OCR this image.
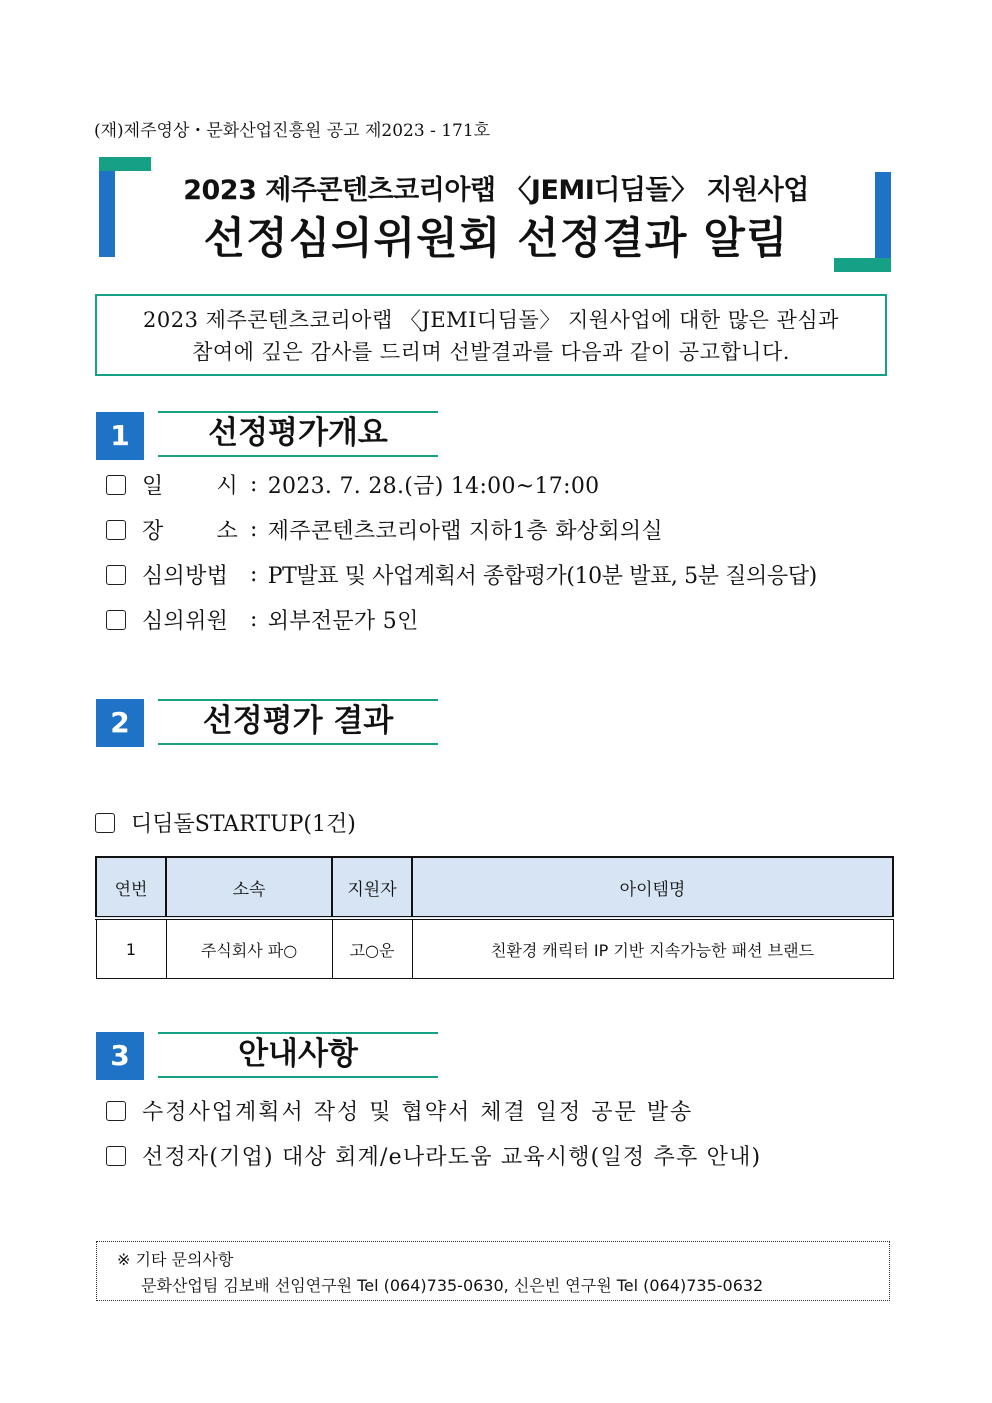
(재)제주영상・문화산업진흥원 공고 제2023 - 171호
2023 제주콘텐츠코리아랩 〈JEMI디딤돌〉 지원사업
선정심의위원회 선정결과 알림
2023 제주콘텐츠코리아랩 〈JEMI디딤돌〉 지원사업에 대한 많은 관심과
참여에 깊은 감사를 드리며 선발결과를 다음과 같이 공고합니다.
1	선정평가개요
일 시 : 2023. 7. 28.(금) 14:00~17:00
장 소 : 제주콘텐츠코리아랩 지하1층 화상회의실
심의방법 : PT발표 및 사업계획서 종합평가(10분 발표, 5분 질의응답)
심의위원 : 외부전문가 5인
2	선정평가 결과
디딤돌STARTUP(1건)
연번	소속	지원자	아이템명
1	주식회사 파○	고○운	친환경 캐릭터 IP 기반 지속가능한 패션 브랜드
3	안내사항
수정사업계획서 작성 및 협약서 체결 일정 공문 발송
선정자(기업) 대상 회계/e나라도움 교육시행(일정 추후 안내)
※ 기타 문의사항
문화산업팀 김보배 선임연구원 Tel (064)735-0630, 신은빈 연구원 Tel (064)735-0632
